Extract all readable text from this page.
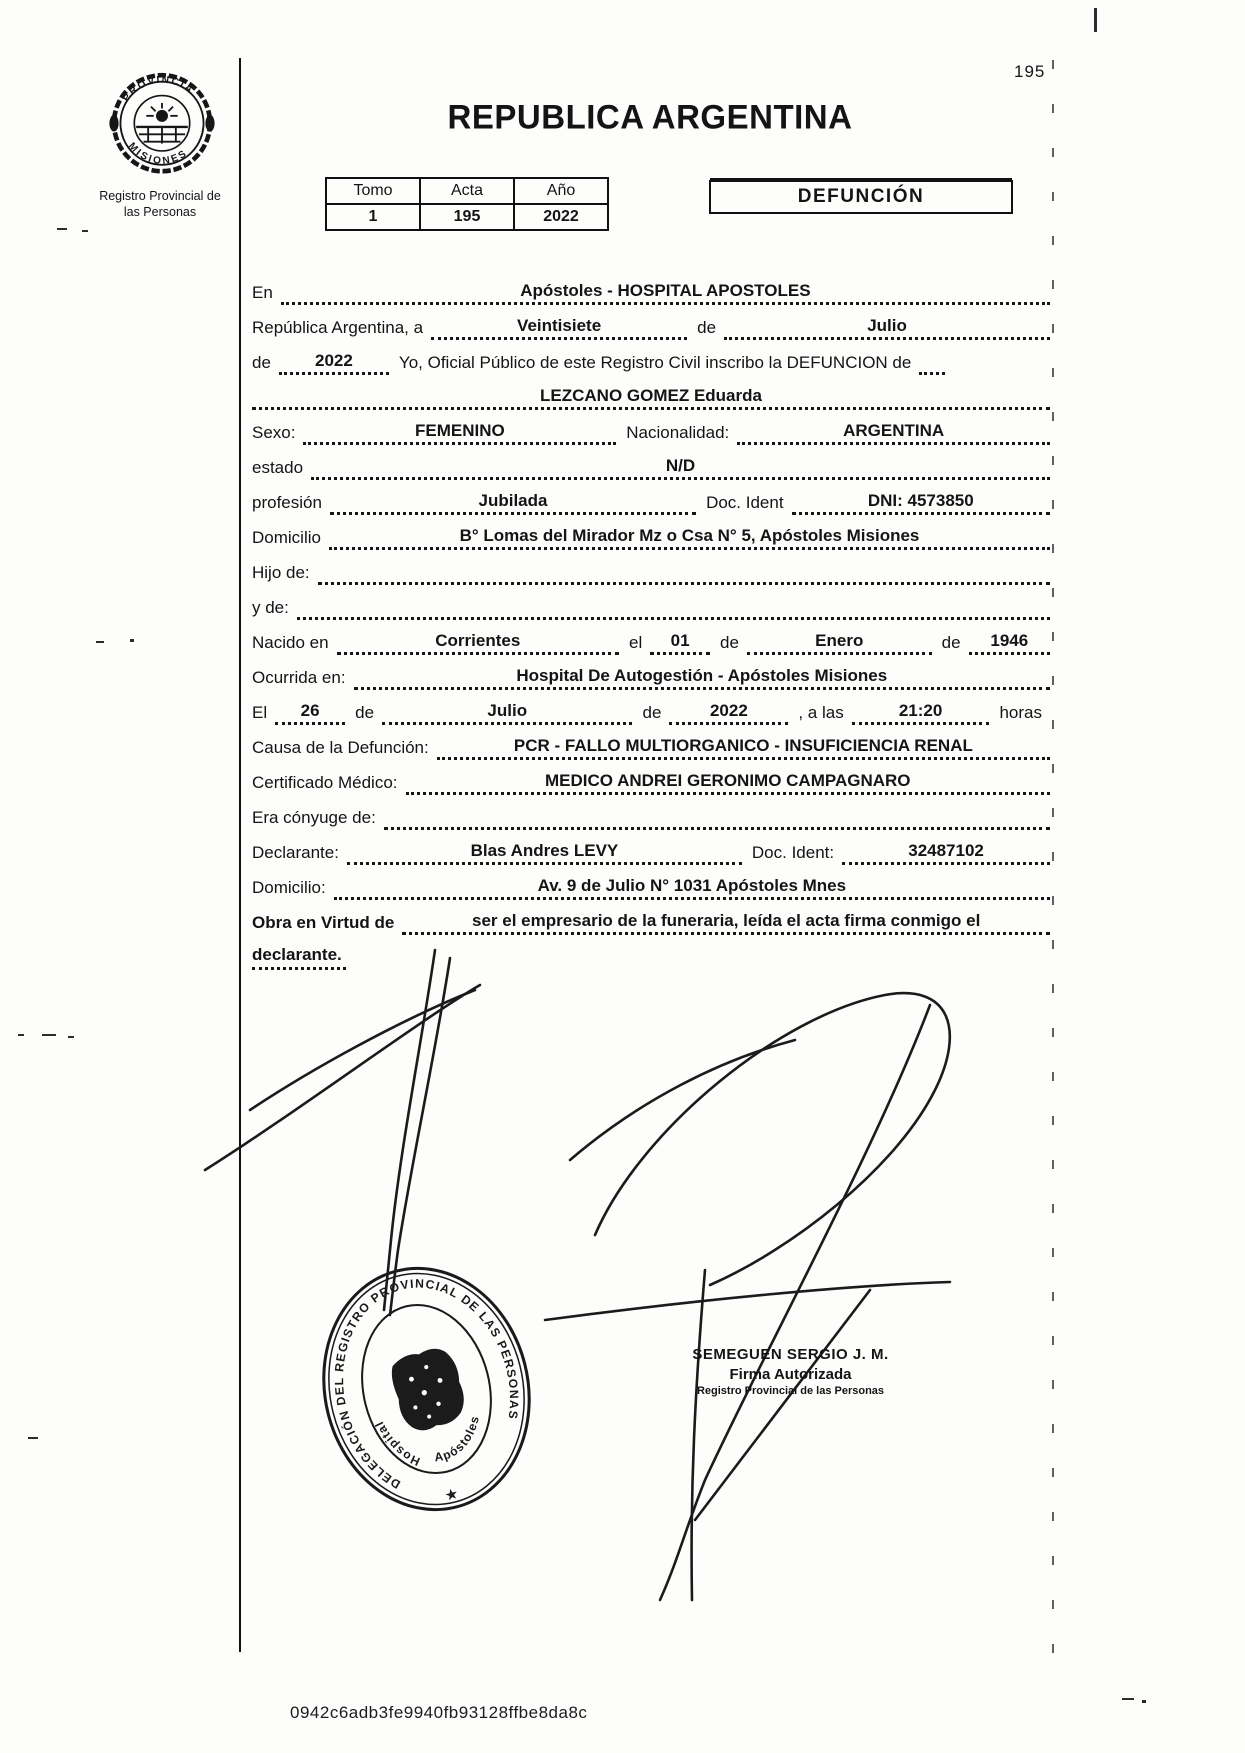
195
PROVINCIA
MISIONES
Registro Provincial de
las Personas
REPUBLICA ARGENTINA
Tomo	Acta	Año
1	195	2022
DEFUNCIÓN
En	Apóstoles - HOSPITAL APOSTOLES
República Argentina, a	Veintisiete	de	Julio
de	2022	Yo, Oficial Público de este Registro Civil inscribo la DEFUNCION de
LEZCANO GOMEZ Eduarda
Sexo:	FEMENINO	Nacionalidad:	ARGENTINA
estado	N/D
profesión	Jubilada	Doc. Ident	DNI: 4573850
Domicilio	B° Lomas del Mirador Mz o Csa N° 5, Apóstoles Misiones
Hijo de:
y de:
Nacido en	Corrientes	el	01	de	Enero	de	1946
Ocurrida en:	Hospital De Autogestión - Apóstoles Misiones
El	26	de	Julio	de	2022	, a las	21:20	horas
Causa de la Defunción:	PCR - FALLO MULTIORGANICO - INSUFICIENCIA RENAL
Certificado Médico:	MEDICO ANDREI GERONIMO CAMPAGNARO
Era cónyuge de:
Declarante:	Blas Andres LEVY	Doc. Ident:	32487102
Domicilio:	Av. 9 de Julio N° 1031 Apóstoles Mnes
Obra en Virtud de	ser el empresario de la funeraria, leída el acta firma conmigo el
declarante.
DELEGACIÓN DEL REGISTRO PROVINCIAL DE LAS PERSONAS
Hospital
Apóstoles
★
SEMEGUEN SERGIO J. M.
Firma Autorizada
Registro Provincial de las Personas
0942c6adb3fe9940fb93128ffbe8da8c
